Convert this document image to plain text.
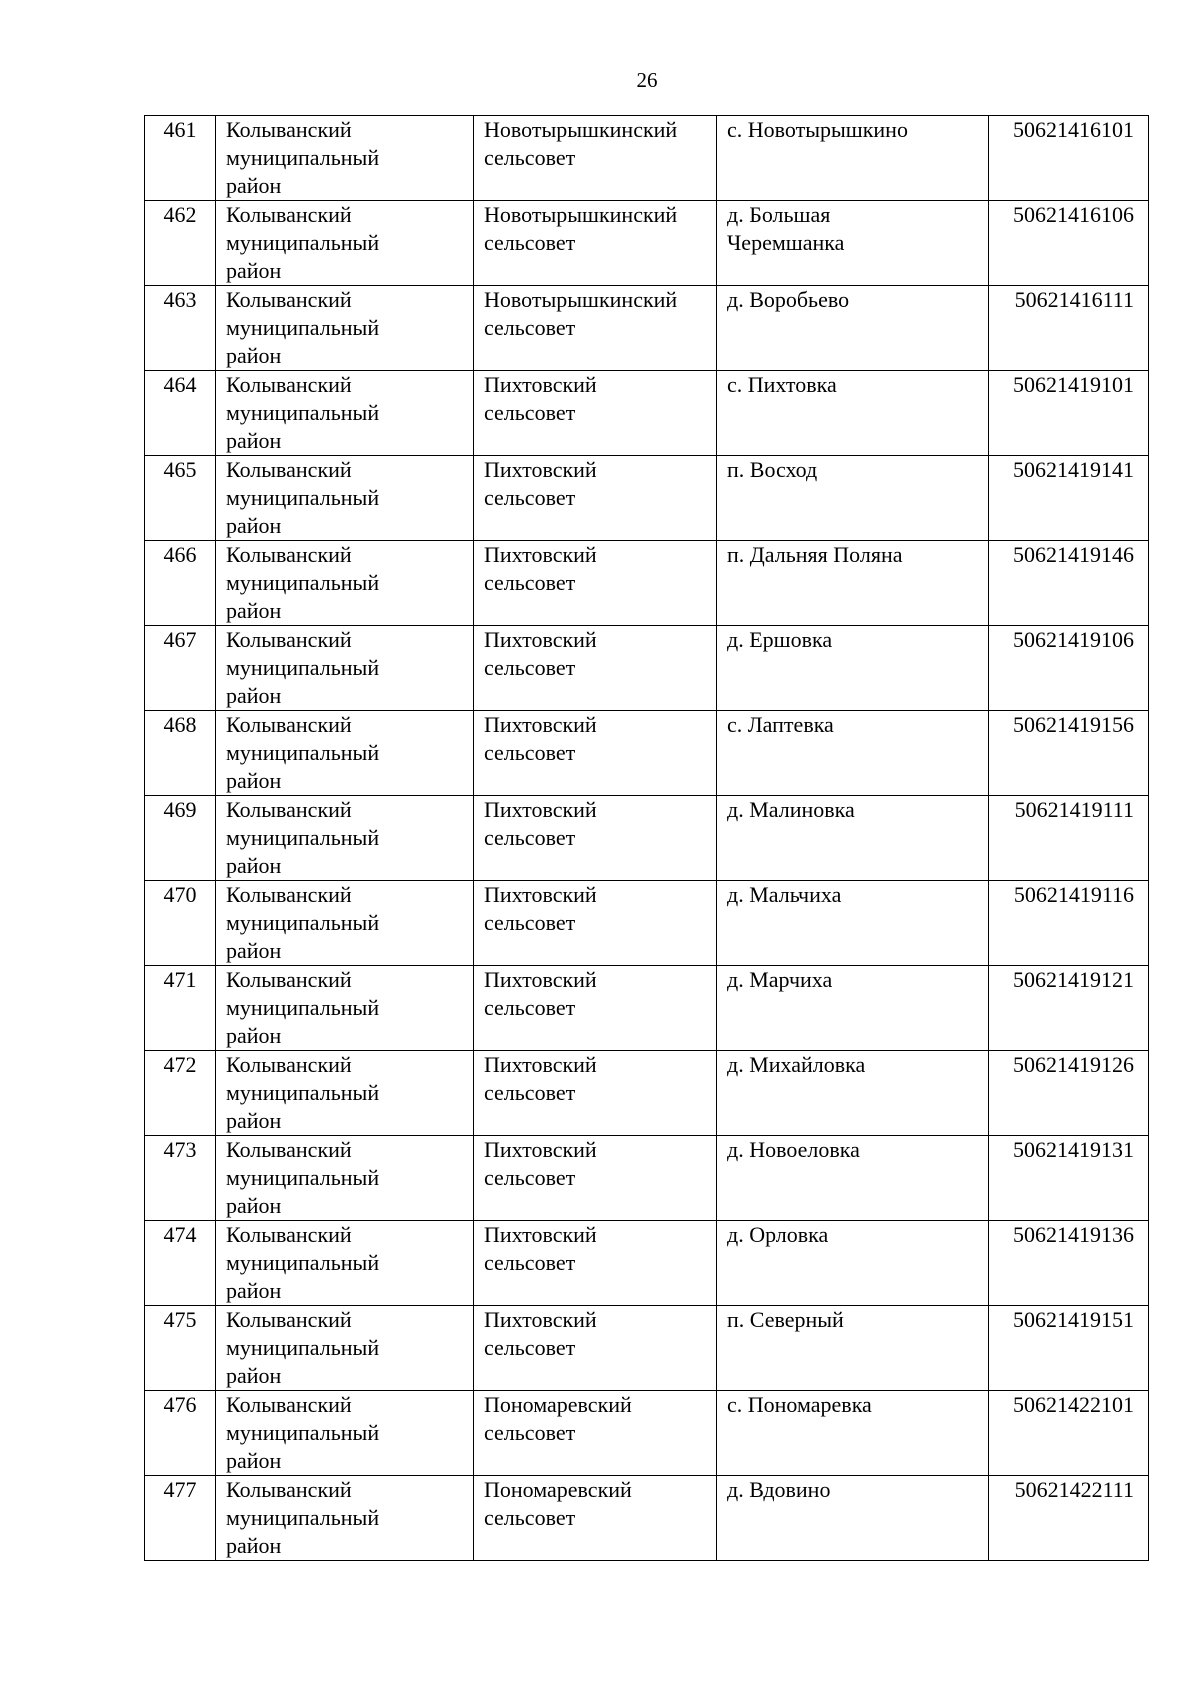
26
461	Колыванский
муниципальный
район	Новотырышкинский
сельсовет	с. Новотырышкино	50621416101
462	Колыванский
муниципальный
район	Новотырышкинский
сельсовет	д. Большая
Черемшанка	50621416106
463	Колыванский
муниципальный
район	Новотырышкинский
сельсовет	д. Воробьево	50621416111
464	Колыванский
муниципальный
район	Пихтовский
сельсовет	с. Пихтовка	50621419101
465	Колыванский
муниципальный
район	Пихтовский
сельсовет	п. Восход	50621419141
466	Колыванский
муниципальный
район	Пихтовский
сельсовет	п. Дальняя Поляна	50621419146
467	Колыванский
муниципальный
район	Пихтовский
сельсовет	д. Ершовка	50621419106
468	Колыванский
муниципальный
район	Пихтовский
сельсовет	с. Лаптевка	50621419156
469	Колыванский
муниципальный
район	Пихтовский
сельсовет	д. Малиновка	50621419111
470	Колыванский
муниципальный
район	Пихтовский
сельсовет	д. Мальчиха	50621419116
471	Колыванский
муниципальный
район	Пихтовский
сельсовет	д. Марчиха	50621419121
472	Колыванский
муниципальный
район	Пихтовский
сельсовет	д. Михайловка	50621419126
473	Колыванский
муниципальный
район	Пихтовский
сельсовет	д. Новоеловка	50621419131
474	Колыванский
муниципальный
район	Пихтовский
сельсовет	д. Орловка	50621419136
475	Колыванский
муниципальный
район	Пихтовский
сельсовет	п. Северный	50621419151
476	Колыванский
муниципальный
район	Пономаревский
сельсовет	с. Пономаревка	50621422101
477	Колыванский
муниципальный
район	Пономаревский
сельсовет	д. Вдовино	50621422111
